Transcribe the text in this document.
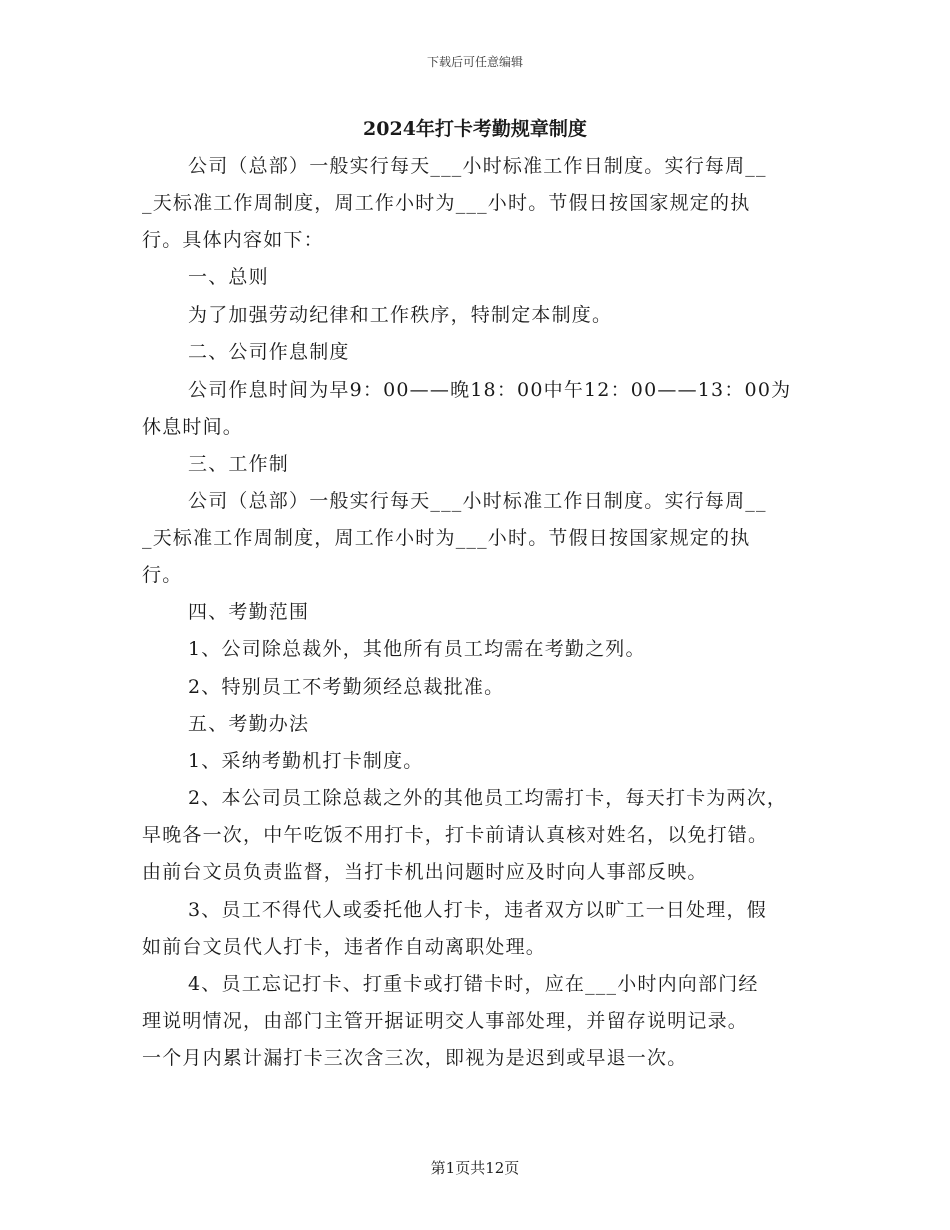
下载后可任意编辑
2024年打卡考勤规章制度
公司（总部）一般实行每天___小时标准工作日制度。实行每周__
_天标准工作周制度，周工作小时为___小时。节假日按国家规定的执
行。具体内容如下：
一、总则
为了加强劳动纪律和工作秩序，特制定本制度。
二、公司作息制度
公司作息时间为早9：00——晚18：00中午12：00——13：00为
休息时间。
三、工作制
公司（总部）一般实行每天___小时标准工作日制度。实行每周__
_天标准工作周制度，周工作小时为___小时。节假日按国家规定的执
行。
四、考勤范围
1、公司除总裁外，其他所有员工均需在考勤之列。
2、特别员工不考勤须经总裁批准。
五、考勤办法
1、采纳考勤机打卡制度。
2、本公司员工除总裁之外的其他员工均需打卡，每天打卡为两次，
早晚各一次，中午吃饭不用打卡，打卡前请认真核对姓名，以免打错。
由前台文员负责监督，当打卡机出问题时应及时向人事部反映。
3、员工不得代人或委托他人打卡，违者双方以旷工一日处理，假
如前台文员代人打卡，违者作自动离职处理。
4、员工忘记打卡、打重卡或打错卡时，应在___小时内向部门经
理说明情况，由部门主管开据证明交人事部处理，并留存说明记录。
一个月内累计漏打卡三次含三次，即视为是迟到或早退一次。
第1页共12页
